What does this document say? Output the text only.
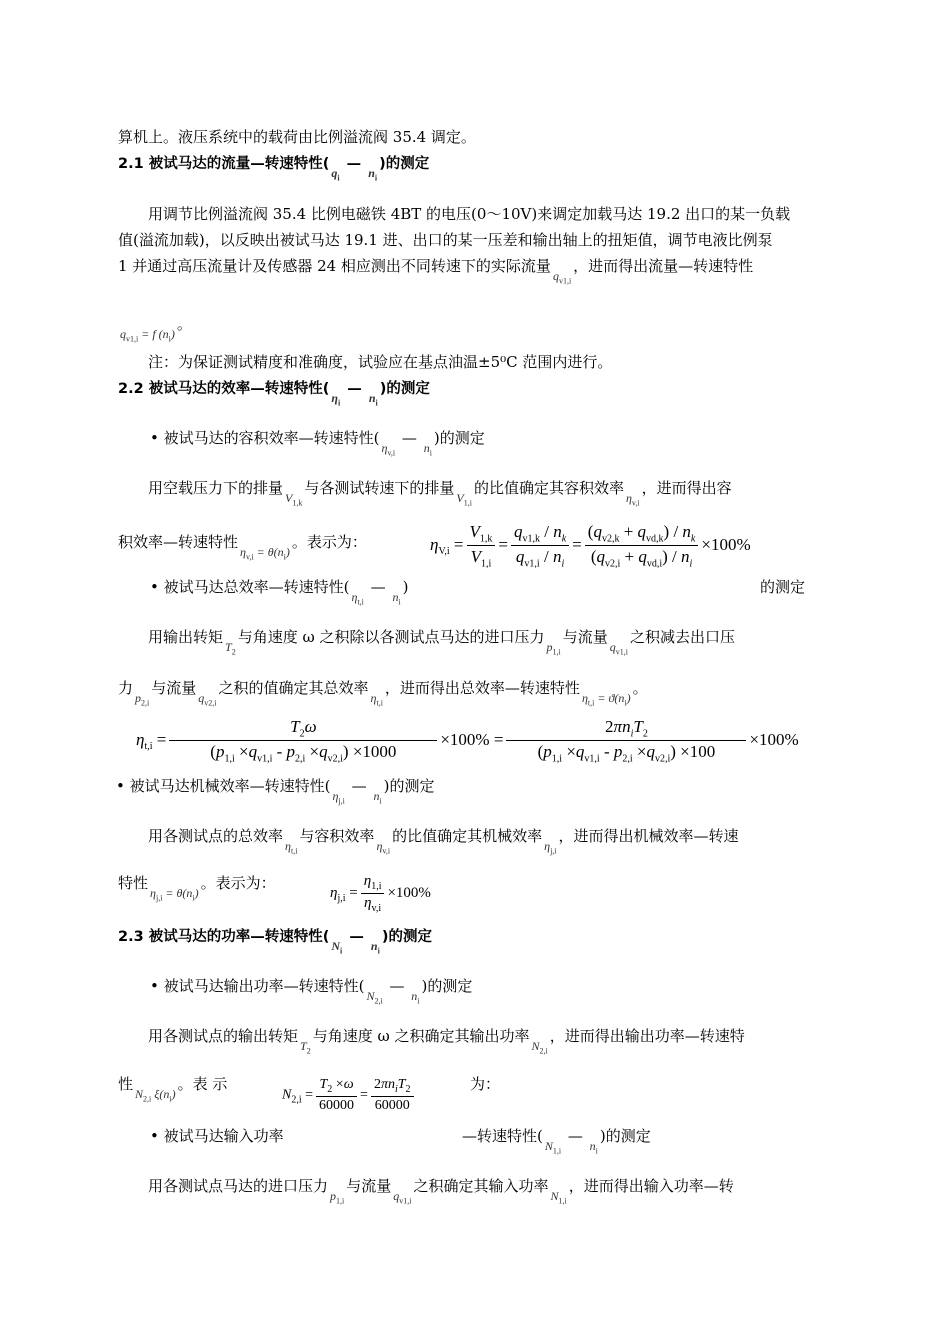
算机上。液压系统中的载荷由比例溢流阀 35.4 调定。
2.1 被试马达的流量—转速特性($q_i$ — $n_i$)的测定
用调节比例溢流阀 35.4 比例电磁铁 4BT 的电压(0～10V)来调定加载马达 19.2 出口的某一负载
值(溢流加载)，以反映出被试马达 19.1 进、出口的某一压差和输出轴上的扭矩值，调节电液比例泵
1 并通过高压流量计及传感器 24 相应测出不同转速下的实际流量$q_{v1,i}$，进而得出流量—转速特性
$q_{v1,i} = f$ $(n_i)$。
注：为保证测试精度和准确度，试验应在基点油温±5⁰C 范围内进行。
2.2 被试马达的效率—转速特性($\eta_i$ — $n_i$)的测定
• 被试马达的容积效率—转速特性($\eta_{v,i}$ — $n_i$)的测定
用空载压力下的排量$V_{1,k}$与各测试转速下的排量$V_{1,i}$的比值确定其容积效率$\eta_{v,i}$，进而得出容
积效率—转速特性$\eta_{v,i} = \theta(n_i)$。表示为：	$\eta_{V,i} = \frac{V_{1,k}}{V_{1,i}} = \frac{q_{v1,k} / n_k}{q_{v1,i} / n_i} = \frac{(q_{v2,k} + q_{vd,k}) / n_k}{(q_{v2,i} + q_{vd,i}) / n_i} \times 100\%$
• 被试马达总效率—转速特性($\eta_{t,i}$ — $n_i$)	的测定
用输出转矩$T_2$与角速度 ω 之积除以各测试点马达的进口压力$p_{1,i}$与流量$q_{v1,i}$之积减去出口压
力$p_{2,i}$与流量$q_{v2,i}$之积的值确定其总效率$\eta_{t,i}$，进而得出总效率—转速特性$\eta_{t,i} = ϑ(n_i)$。
$\eta_{t,i} = \frac{T_2\omega}{(p_{1,i} \times q_{v1,i} - p_{2,i} \times q_{v2,i}) \times 1000} \times 100\% = \frac{2\pi n_iT_2}{(p_{1,i} \times q_{v1,i} - p_{2,i} \times q_{v2,i}) \times 100} \times 100\%$
• 被试马达机械效率—转速特性($\eta_{j,i}$ — $n_i$)的测定
用各测试点的总效率$\eta_{t,i}$与容积效率$\eta_{v,i}$的比值确定其机械效率$\eta_{j,i}$，进而得出机械效率—转速
特性$\eta_{j,i} = \theta(n_i)$。表示为：
$\eta_{j,i} = \frac{\eta_{1,i}}{\eta_{v,i}} \times 100\%$
2.3 被试马达的功率—转速特性($N_i$ — $n_i$)的测定
• 被试马达输出功率—转速特性($N_{2,i}$ — $n_i$)的测定
用各测试点的输出转矩$T_2$与角速度 ω 之积确定其输出功率$N_{2,i}$，进而得出输出功率—转速特
性$N_{2,i}$ $\xi(n_i)$。表 示
$N_{2,i} = \frac{T_2 \times\omega}{60000} = \frac{2\pi n_iT_2}{60000}$	为：
• 被试马达输入功率	—转速特性($N_{1,i}$ — $n_i$)的测定
用各测试点马达的进口压力$p_{1,i}$与流量$q_{v1,i}$之积确定其输入功率$N_{1,i}$，进而得出输入功率—转
